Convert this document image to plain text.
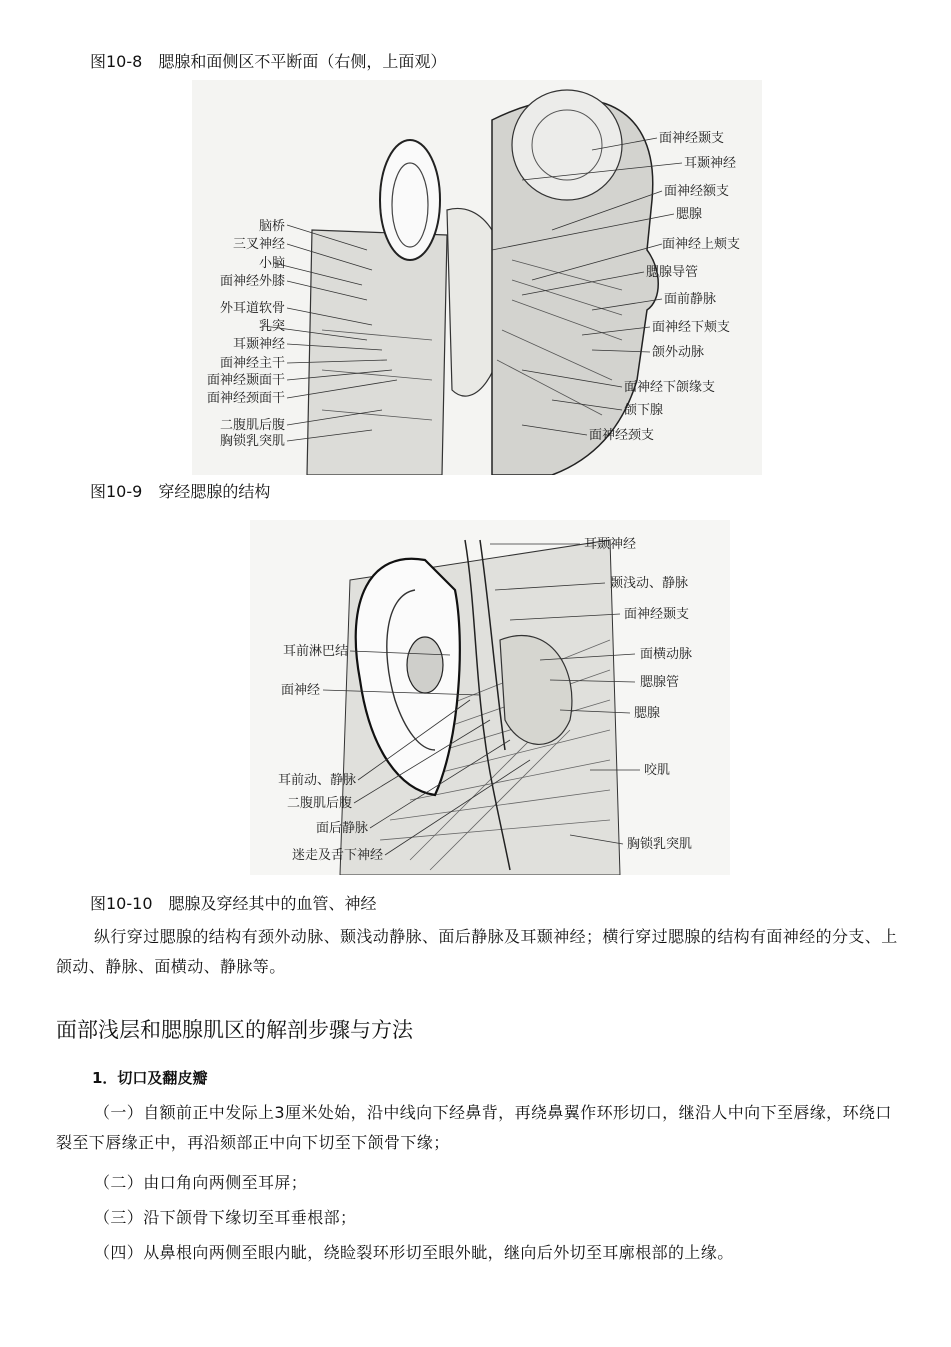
图10-8　腮腺和面侧区不平断面（右侧，上面观）
脑桥
三叉神经
小脑
面神经外膝
外耳道软骨
乳突
耳颞神经
面神经主干
面神经颞面干
面神经颈面干
二腹肌后腹
胸锁乳突肌
面神经颞支
耳颞神经
面神经额支
腮腺
面神经上颊支
腮腺导管
面前静脉
面神经下颊支
颌外动脉
面神经下颌缘支
颌下腺
面神经颈支
图10-9　穿经腮腺的结构
耳前淋巴结
面神经
耳前动、静脉
二腹肌后腹
面后静脉
迷走及舌下神经
耳颞神经
颞浅动、静脉
面神经颞支
面横动脉
腮腺管
腮腺
咬肌
胸锁乳突肌
图10-10　腮腺及穿经其中的血管、神经
纵行穿过腮腺的结构有颈外动脉、颞浅动静脉、面后静脉及耳颞神经；横行穿过腮腺的结构有面神经的分支、上颌动、静脉、面横动、静脉等。
面部浅层和腮腺肌区的解剖步骤与方法
1．切口及翻皮瓣
（一）自额前正中发际上3厘米处始，沿中线向下经鼻背，再绕鼻翼作环形切口，继沿人中向下至唇缘，环绕口裂至下唇缘正中，再沿颏部正中向下切至下颌骨下缘；
（二）由口角向两侧至耳屏；
（三）沿下颌骨下缘切至耳垂根部；
（四）从鼻根向两侧至眼内眦，绕睑裂环形切至眼外眦，继向后外切至耳廓根部的上缘。
